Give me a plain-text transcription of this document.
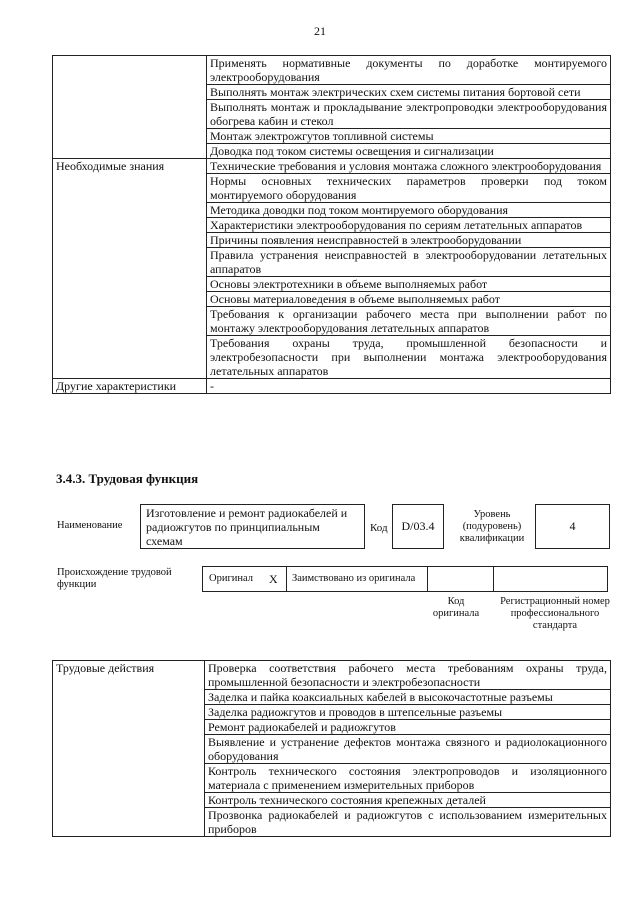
21
	Применять нормативные документы по доработке монтируемого электрооборудования
	Выполнять монтаж электрических схем системы питания бортовой сети
	Выполнять монтаж и прокладывание электропроводки электрооборудования обогрева кабин и стекол
	Монтаж электрожгутов топливной системы
	Доводка под током системы освещения и сигнализации
Необходимые знания	Технические требования и условия монтажа сложного электрооборудования
	Нормы основных технических параметров проверки под током монтируемого оборудования
	Методика доводки под током монтируемого оборудования
	Характеристики электрооборудования по сериям летательных аппаратов
	Причины появления неисправностей в электрооборудовании
	Правила устранения неисправностей в электрооборудовании летательных аппаратов
	Основы электротехники в объеме выполняемых работ
	Основы материаловедения в объеме выполняемых работ
	Требования к организации рабочего места при выполнении работ по монтажу электрооборудования летательных аппаратов
	Требования охраны труда, промышленной безопасности и электробезопасности при выполнении монтажа электрооборудования летательных аппаратов
Другие характеристики	-
3.4.3. Трудовая функция
Наименование
Изготовление и ремонт радиокабелей и радиожгутов по принципиальным схемам
Код	D/03.4
Уровень (подуровень) квалификации
4
Происхождение трудовой функции
Оригинал X Заимствовано из оригинала
Код оригинала
Регистрационный номер профессионального стандарта
Трудовые действия	Проверка соответствия рабочего места требованиям охраны труда, промышленной безопасности и электробезопасности
Заделка и пайка коаксиальных кабелей в высокочастотные разъемы
Заделка радиожгутов и проводов в штепсельные разъемы
Ремонт радиокабелей и радиожгутов
Выявление и устранение дефектов монтажа связного и радиолокационного оборудования
Контроль технического состояния электропроводов и изоляционного материала с применением измерительных приборов
Контроль технического состояния крепежных деталей
Прозвонка радиокабелей и радиожгутов с использованием измерительных приборов
